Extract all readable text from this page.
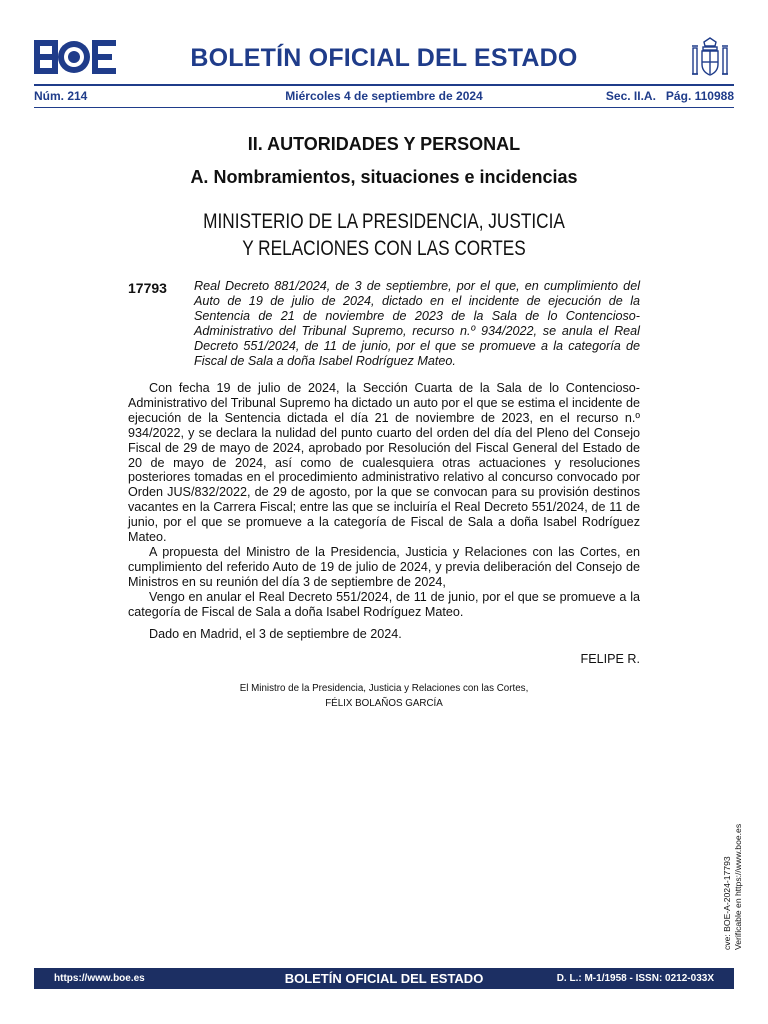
BOLETÍN OFICIAL DEL ESTADO
Núm. 214	Miércoles 4 de septiembre de 2024	Sec. II.A.   Pág. 110988
II. AUTORIDADES Y PERSONAL
A. Nombramientos, situaciones e incidencias
MINISTERIO DE LA PRESIDENCIA, JUSTICIA
Y RELACIONES CON LAS CORTES
17793 Real Decreto 881/2024, de 3 de septiembre, por el que, en cumplimiento del Auto de 19 de julio de 2024, dictado en el incidente de ejecución de la Sentencia de 21 de noviembre de 2023 de la Sala de lo Contencioso-Administrativo del Tribunal Supremo, recurso n.º 934/2022, se anula el Real Decreto 551/2024, de 11 de junio, por el que se promueve a la categoría de Fiscal de Sala a doña Isabel Rodríguez Mateo.

Con fecha 19 de julio de 2024, la Sección Cuarta de la Sala de lo Contencioso-Administrativo del Tribunal Supremo ha dictado un auto por el que se estima el incidente de ejecución de la Sentencia dictada el día 21 de noviembre de 2023, en el recurso n.º 934/2022, y se declara la nulidad del punto cuarto del orden del día del Pleno del Consejo Fiscal de 29 de mayo de 2024, aprobado por Resolución del Fiscal General del Estado de 20 de mayo de 2024, así como de cualesquiera otras actuaciones y resoluciones posteriores tomadas en el procedimiento administrativo relativo al concurso convocado por Orden JUS/832/2022, de 29 de agosto, por la que se convocan para su provisión destinos vacantes en la Carrera Fiscal; entre las que se incluiría el Real Decreto 551/2024, de 11 de junio, por el que se promueve a la categoría de Fiscal de Sala a doña Isabel Rodríguez Mateo.

A propuesta del Ministro de la Presidencia, Justicia y Relaciones con las Cortes, en cumplimiento del referido Auto de 19 de julio de 2024, y previa deliberación del Consejo de Ministros en su reunión del día 3 de septiembre de 2024,

Vengo en anular el Real Decreto 551/2024, de 11 de junio, por el que se promueve a la categoría de Fiscal de Sala a doña Isabel Rodríguez Mateo.

Dado en Madrid, el 3 de septiembre de 2024.
FELIPE R.
El Ministro de la Presidencia, Justicia y Relaciones con las Cortes,
FÉLIX BOLAÑOS GARCÍA
cve: BOE-A-2024-17793 Verificable en https://www.boe.es
https://www.boe.es	BOLETÍN OFICIAL DEL ESTADO	D. L.: M-1/1958 - ISSN: 0212-033X
